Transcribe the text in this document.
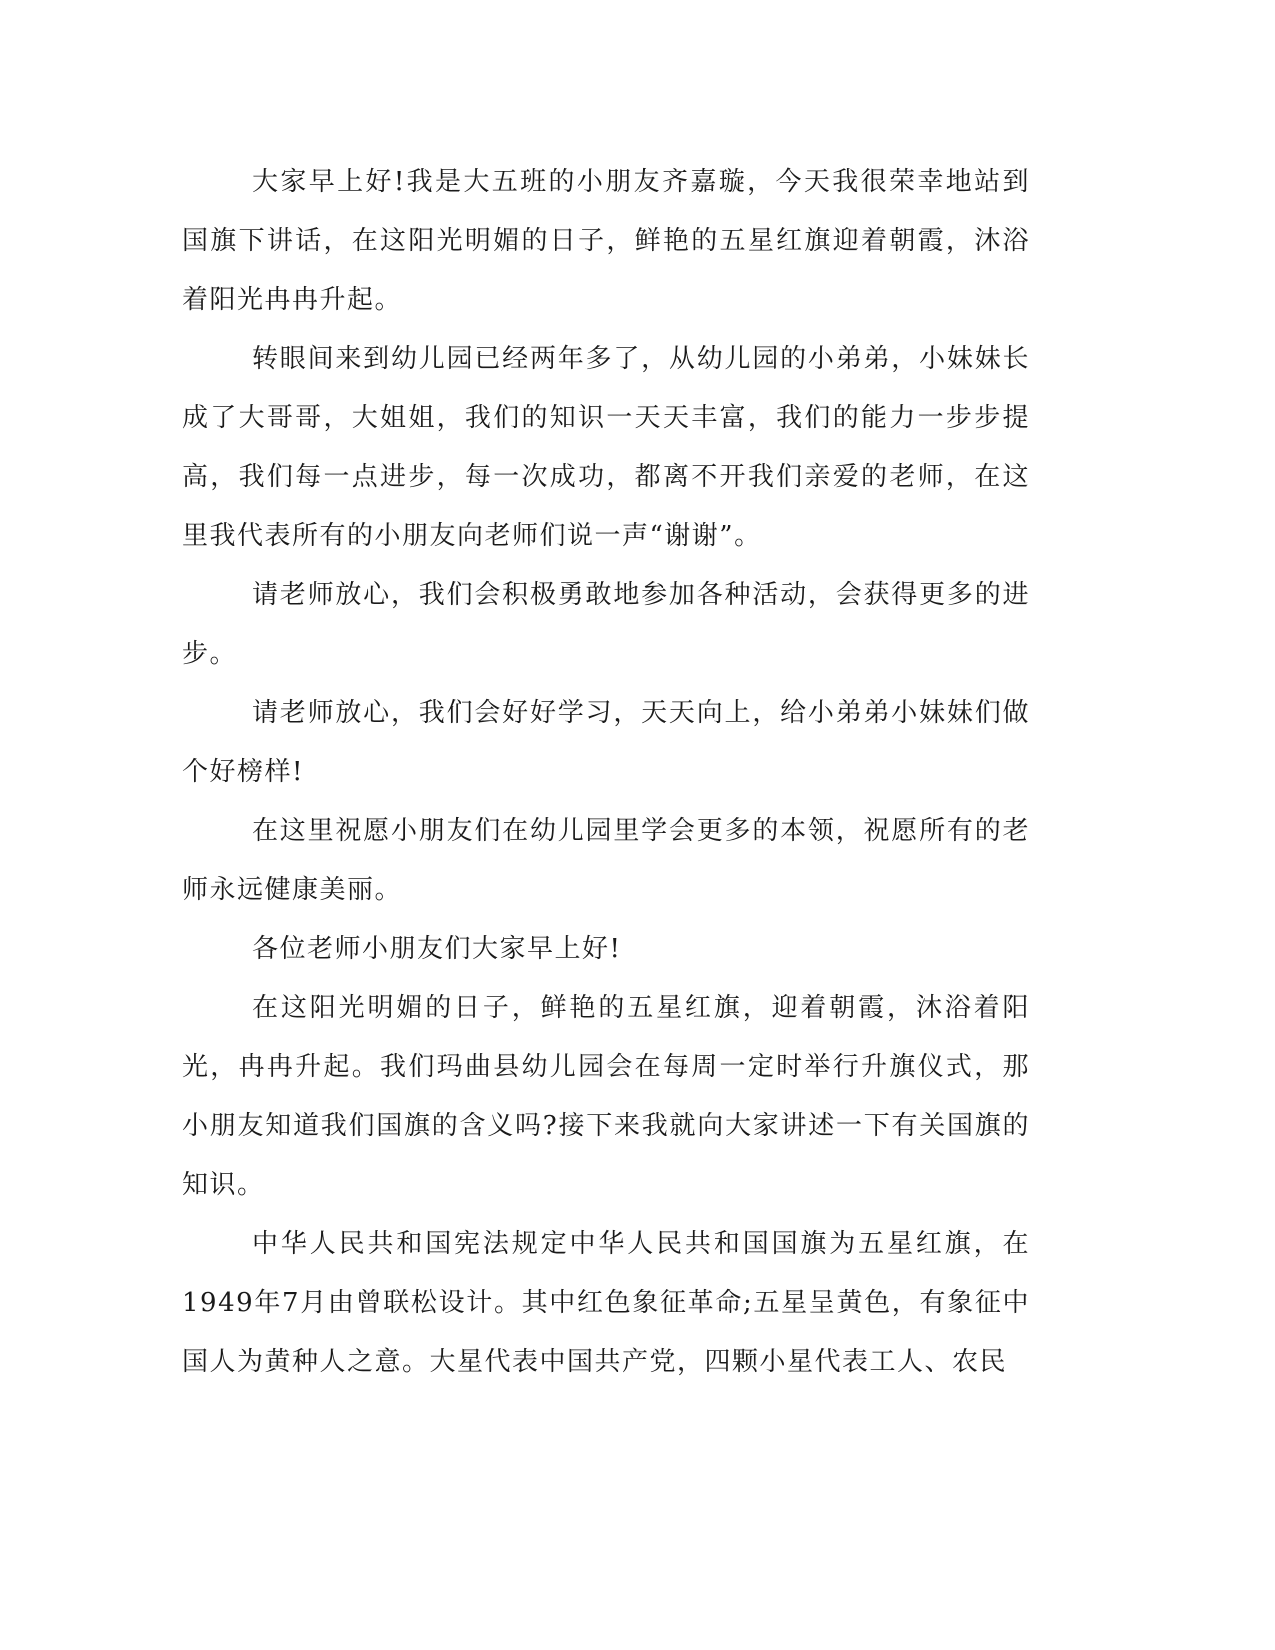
大家早上好!我是大五班的小朋友齐嘉璇，今天我很荣幸地站到国旗下讲话，在这阳光明媚的日子，鲜艳的五星红旗迎着朝霞，沐浴着阳光冉冉升起。

转眼间来到幼儿园已经两年多了，从幼儿园的小弟弟，小妹妹长成了大哥哥，大姐姐，我们的知识一天天丰富，我们的能力一步步提高，我们每一点进步，每一次成功，都离不开我们亲爱的老师，在这里我代表所有的小朋友向老师们说一声“谢谢”。

请老师放心，我们会积极勇敢地参加各种活动，会获得更多的进步。

请老师放心，我们会好好学习，天天向上，给小弟弟小妹妹们做个好榜样!

在这里祝愿小朋友们在幼儿园里学会更多的本领，祝愿所有的老师永远健康美丽。

各位老师小朋友们大家早上好!

在这阳光明媚的日子，鲜艳的五星红旗，迎着朝霞，沐浴着阳光，冉冉升起。我们玛曲县幼儿园会在每周一定时举行升旗仪式，那小朋友知道我们国旗的含义吗?接下来我就向大家讲述一下有关国旗的知识。

中华人民共和国宪法规定中华人民共和国国旗为五星红旗，在1949年7月由曾联松设计。其中红色象征革命;五星呈黄色，有象征中国人为黄种人之意。大星代表中国共产党，四颗小星代表工人、农民
